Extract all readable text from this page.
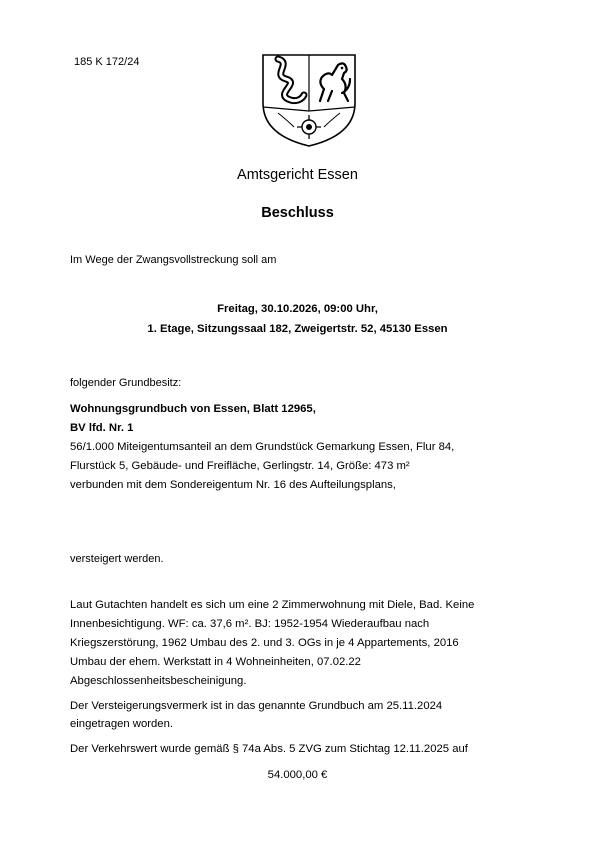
185 K 172/24
Amtsgericht Essen
Beschluss
Im Wege der Zwangsvollstreckung soll am
Freitag, 30.10.2026, 09:00 Uhr,
1. Etage, Sitzungssaal 182, Zweigertstr. 52, 45130 Essen
folgender Grundbesitz:
Wohnungsgrundbuch von Essen, Blatt 12965,
BV lfd. Nr. 1
56/1.000 Miteigentumsanteil an dem Grundstück Gemarkung Essen, Flur 84,
Flurstück 5, Gebäude- und Freifläche, Gerlingstr. 14, Größe: 473 m²
verbunden mit dem Sondereigentum Nr. 16 des Aufteilungsplans,
versteigert werden.
Laut Gutachten handelt es sich um eine 2 Zimmerwohnung mit Diele, Bad. Keine
Innenbesichtigung. WF: ca. 37,6 m². BJ: 1952-1954 Wiederaufbau nach
Kriegszerstörung, 1962 Umbau des 2. und 3. OGs in je 4 Appartements, 2016
Umbau der ehem. Werkstatt in 4 Wohneinheiten, 07.02.22
Abgeschlossenheitsbescheinigung.
Der Versteigerungsvermerk ist in das genannte Grundbuch am 25.11.2024
eingetragen worden.
Der Verkehrswert wurde gemäß § 74a Abs. 5 ZVG zum Stichtag 12.11.2025 auf
54.000,00 €
